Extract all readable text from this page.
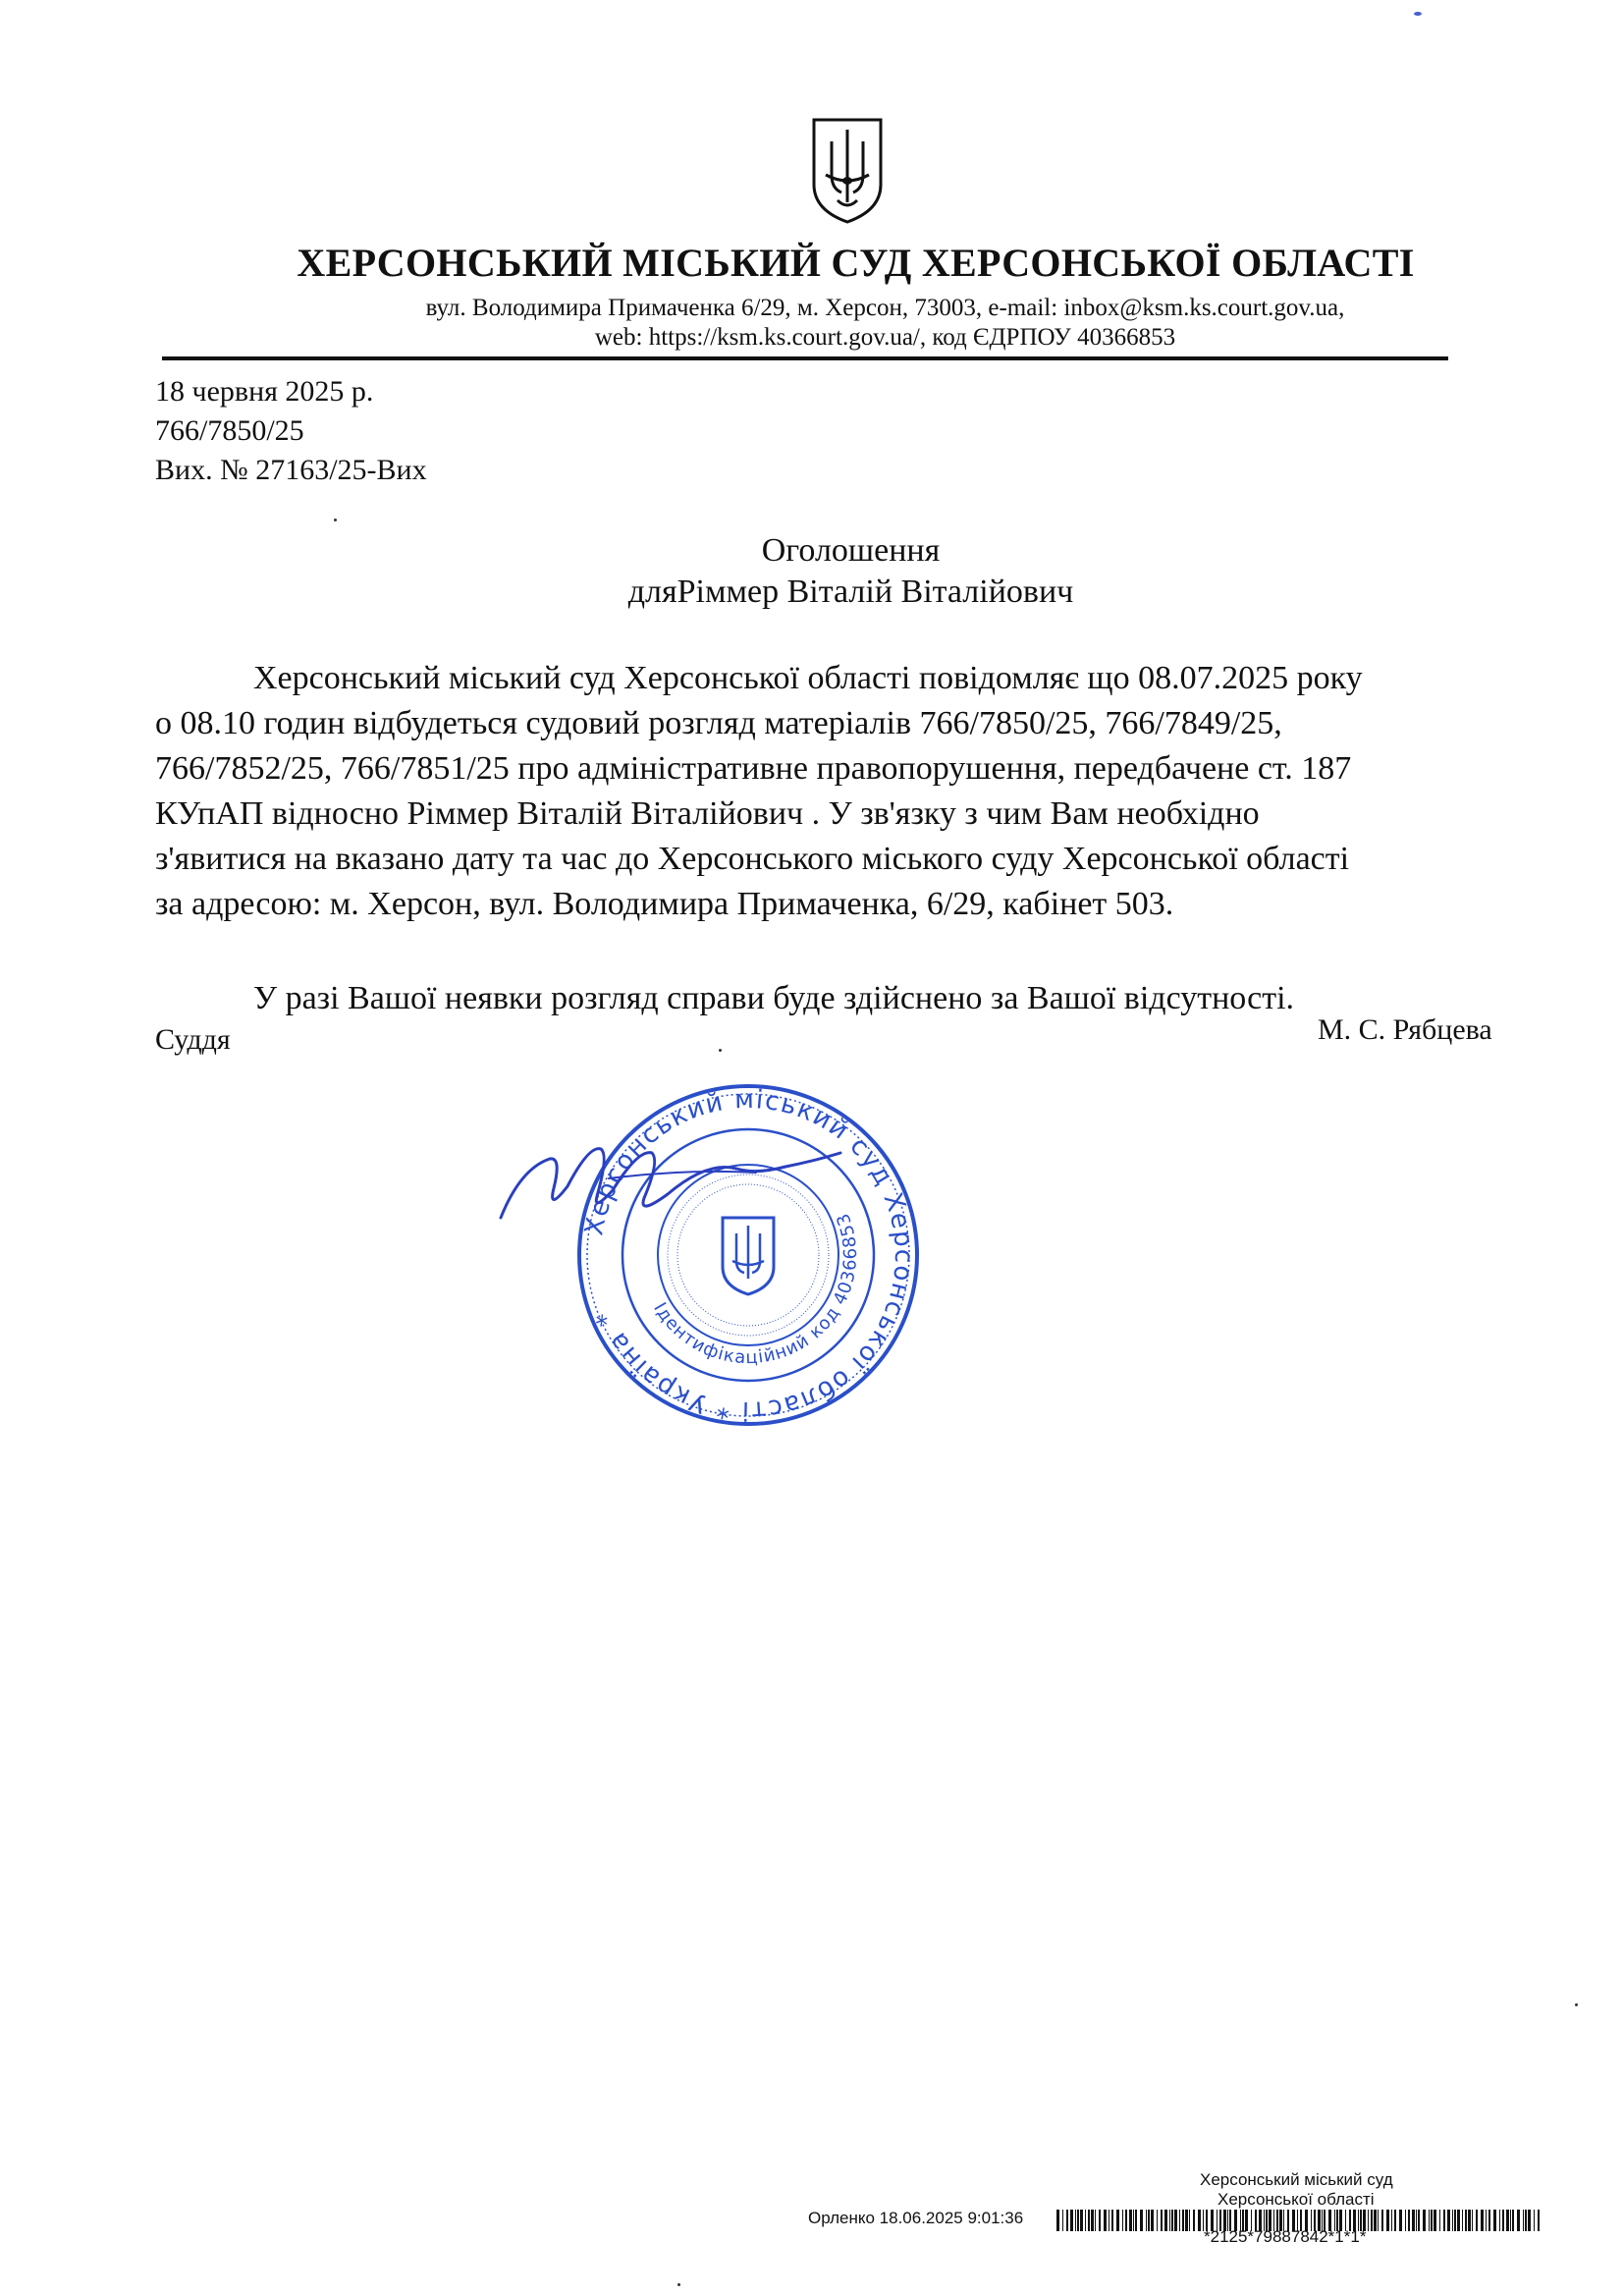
ХЕРСОНСЬКИЙ МІСЬКИЙ СУД ХЕРСОНСЬКОЇ ОБЛАСТІ
вул. Володимира Примаченка 6/29, м. Херсон, 73003, e-mail: inbox@ksm.ks.court.gov.ua,
web: https://ksm.ks.court.gov.ua/, код ЄДРПОУ 40366853
18 червня 2025 р.
766/7850/25
Вих. № 27163/25-Вих
Оголошення
дляРіммер Віталій Віталійович
Херсонський міський суд Херсонської області повідомляє що 08.07.2025 року
о 08.10 годин відбудеться судовий розгляд матеріалів 766/7850/25, 766/7849/25,
766/7852/25, 766/7851/25 про адміністративне правопорушення, передбачене ст. 187
КУпАП відносно Ріммер Віталій Віталійович . У зв'язку з чим Вам необхідно
з'явитися на вказано дату та час до Херсонського міського суду Херсонської області
за адресою: м. Херсон, вул. Володимира Примаченка, 6/29, кабінет 503.
У разі Вашої неявки розгляд справи буде здійснено за Вашої відсутності.
Суддя	М. С. Рябцева
Херсонський міський суд Херсонської області * Україна *	Ідентифікаційний код 40366853
Херсонський міський суд
Херсонської області
Орленко 18.06.2025 9:01:36
*2125*79887842*1*1*
